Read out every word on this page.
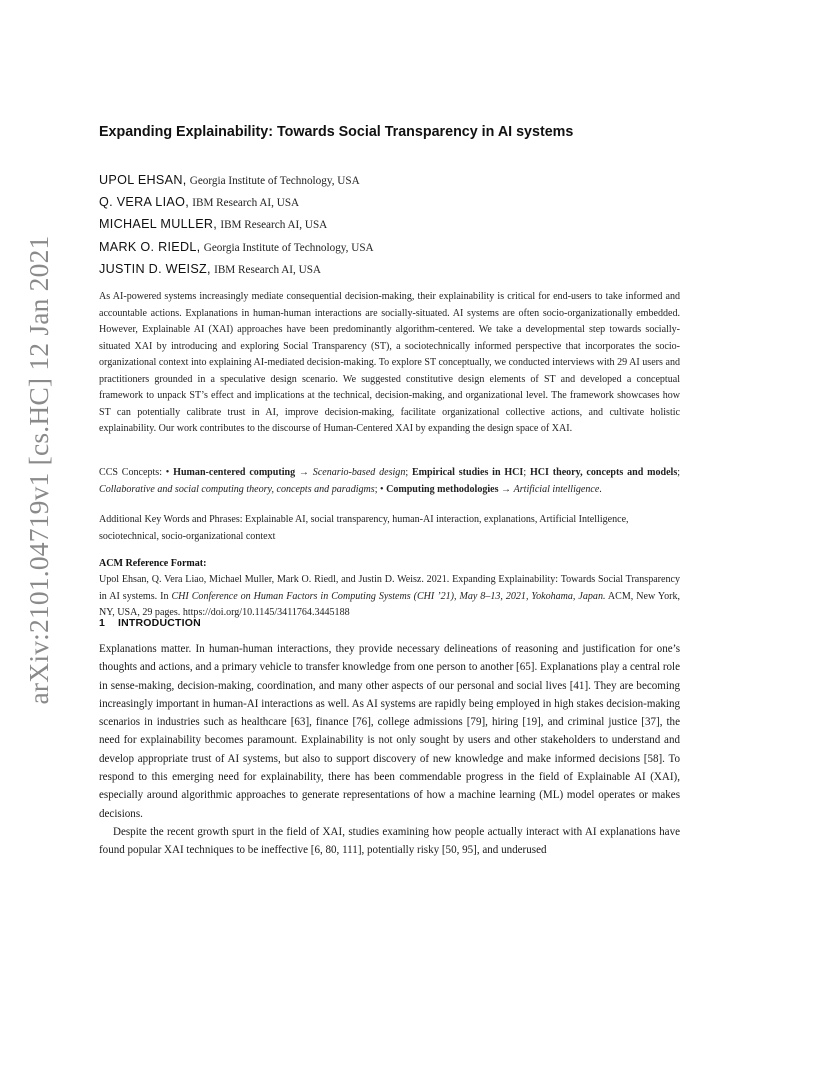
arXiv:2101.04719v1 [cs.HC] 12 Jan 2021
Expanding Explainability: Towards Social Transparency in AI systems
UPOL EHSAN, Georgia Institute of Technology, USA
Q. VERA LIAO, IBM Research AI, USA
MICHAEL MULLER, IBM Research AI, USA
MARK O. RIEDL, Georgia Institute of Technology, USA
JUSTIN D. WEISZ, IBM Research AI, USA
As AI-powered systems increasingly mediate consequential decision-making, their explainability is critical for end-users to take informed and accountable actions. Explanations in human-human interactions are socially-situated. AI systems are often socio-organizationally embedded. However, Explainable AI (XAI) approaches have been predominantly algorithm-centered. We take a developmental step towards socially-situated XAI by introducing and exploring Social Transparency (ST), a sociotechnically informed perspective that incorporates the socio-organizational context into explaining AI-mediated decision-making. To explore ST conceptually, we conducted interviews with 29 AI users and practitioners grounded in a speculative design scenario. We suggested constitutive design elements of ST and developed a conceptual framework to unpack ST’s effect and implications at the technical, decision-making, and organizational level. The framework showcases how ST can potentially calibrate trust in AI, improve decision-making, facilitate organizational collective actions, and cultivate holistic explainability. Our work contributes to the discourse of Human-Centered XAI by expanding the design space of XAI.
CCS Concepts: • Human-centered computing → Scenario-based design; Empirical studies in HCI; HCI theory, concepts and models; Collaborative and social computing theory, concepts and paradigms; • Computing methodologies → Artificial intelligence.
Additional Key Words and Phrases: Explainable AI, social transparency, human-AI interaction, explanations, Artificial Intelligence, sociotechnical, socio-organizational context
ACM Reference Format:
Upol Ehsan, Q. Vera Liao, Michael Muller, Mark O. Riedl, and Justin D. Weisz. 2021. Expanding Explainability: Towards Social Transparency in AI systems. In CHI Conference on Human Factors in Computing Systems (CHI ’21), May 8–13, 2021, Yokohama, Japan. ACM, New York, NY, USA, 29 pages. https://doi.org/10.1145/3411764.3445188
1 INTRODUCTION

Explanations matter. In human-human interactions, they provide necessary delineations of reasoning and justification for one’s thoughts and actions, and a primary vehicle to transfer knowledge from one person to another [65]. Explanations play a central role in sense-making, decision-making, coordination, and many other aspects of our personal and social lives [41]. They are becoming increasingly important in human-AI interactions as well. As AI systems are rapidly being employed in high stakes decision-making scenarios in industries such as healthcare [63], finance [76], college admissions [79], hiring [19], and criminal justice [37], the need for explainability becomes paramount. Explainability is not only sought by users and other stakeholders to understand and develop appropriate trust of AI systems, but also to support discovery of new knowledge and make informed decisions [58]. To respond to this emerging need for explainability, there has been commendable progress in the field of Explainable AI (XAI), especially around algorithmic approaches to generate representations of how a machine learning (ML) model operates or makes decisions.

Despite the recent growth spurt in the field of XAI, studies examining how people actually interact with AI explanations have found popular XAI techniques to be ineffective [6, 80, 111], potentially risky [50, 95], and underused
